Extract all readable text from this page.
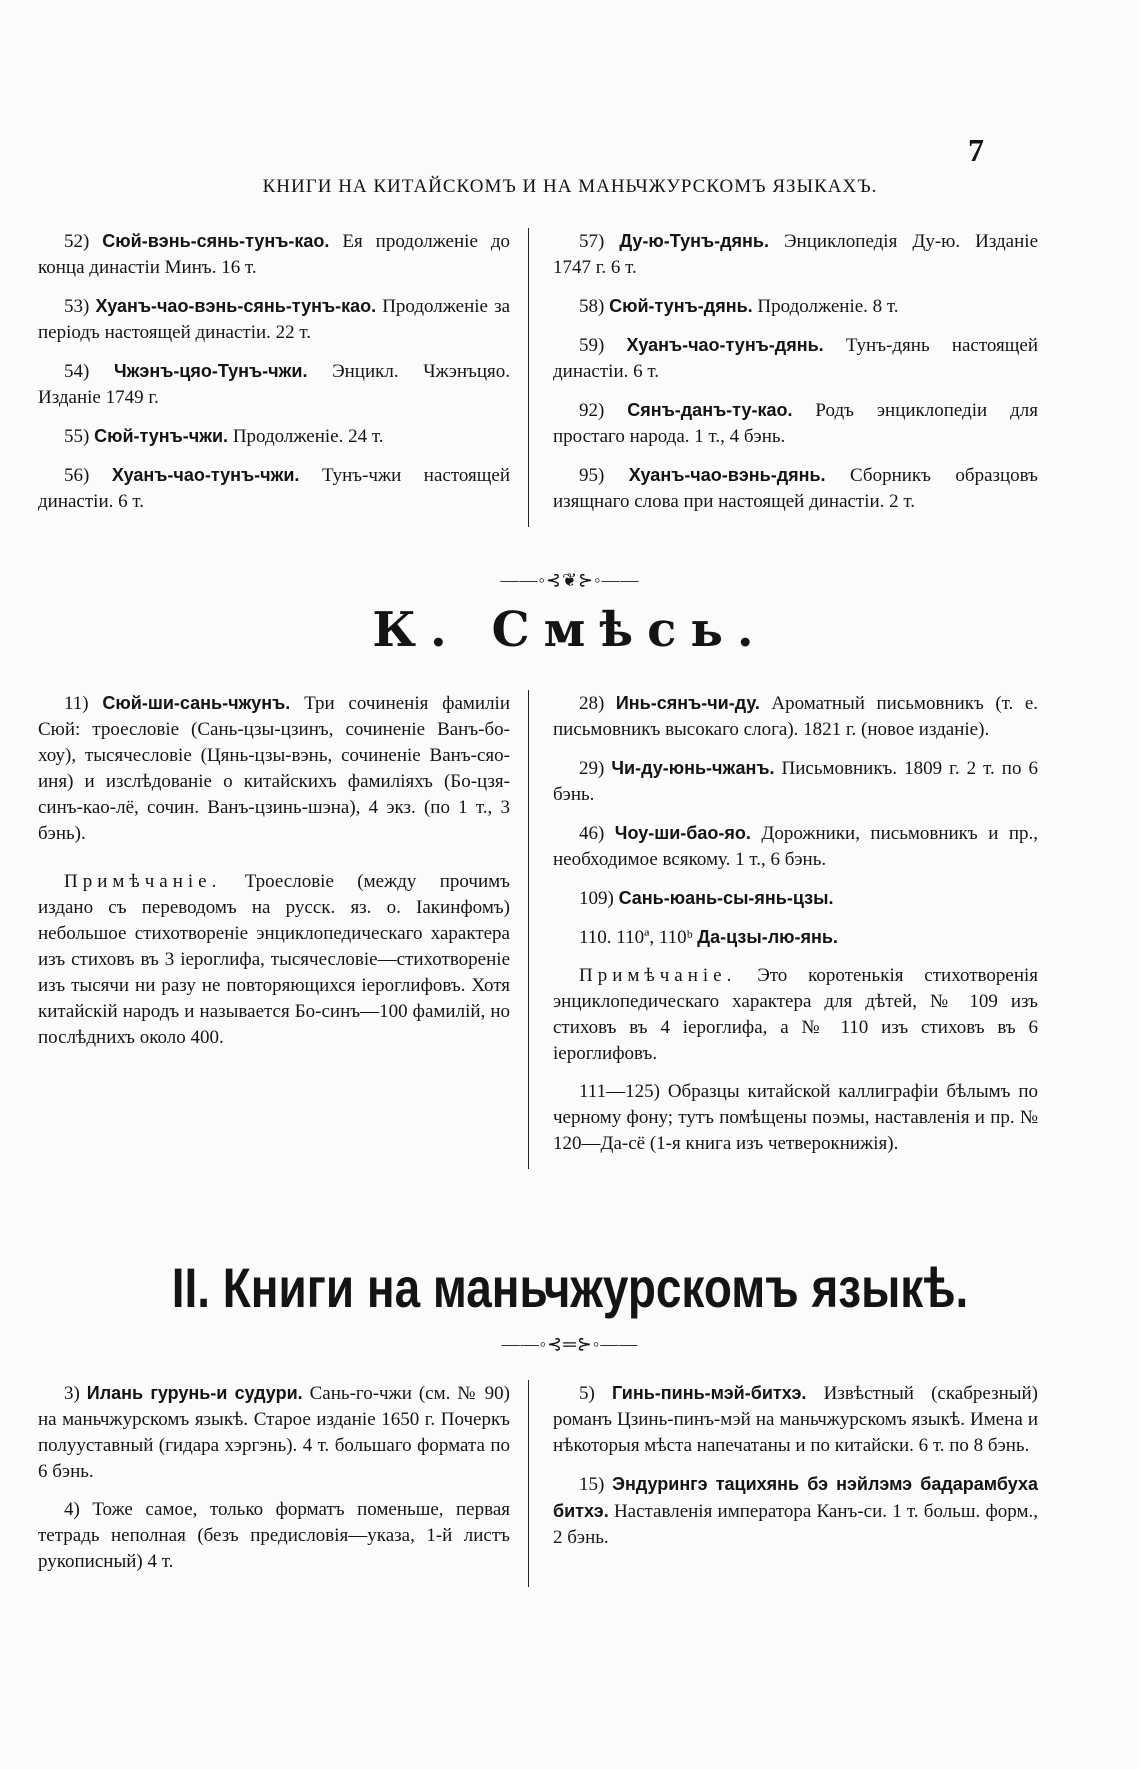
7
КНИГИ НА КИТАЙСКОМЪ И НА МАНЬЧЖУРСКОМЪ ЯЗЫКАХЪ.

52) Сюй-вэнь-сянь-тунъ-као. Ея продолженіе до конца династіи Минъ. 16 т.

53) Хуанъ-чао-вэнь-сянь-тунъ-као. Продолженіе за періодъ настоящей династіи. 22 т.

54) Чжэнъ-цяо-Тунъ-чжи. Энцикл. Чжэнъцяо. Изданіе 1749 г.

55) Сюй-тунъ-чжи. Продолженіе. 24 т.

56) Хуанъ-чао-тунъ-чжи. Тунъ-чжи настоящей династіи. 6 т.

57) Ду-ю-Тунъ-дянь. Энциклопедія Ду-ю. Изданіе 1747 г. 6 т.

58) Сюй-тунъ-дянь. Продолженіе. 8 т.

59) Хуанъ-чао-тунъ-дянь. Тунъ-дянь настоящей династіи. 6 т.

92) Сянъ-данъ-ту-као. Родъ энциклопедіи для простаго народа. 1 т., 4 бэнь.

95) Хуанъ-чао-вэнь-дянь. Сборникъ образцовъ изящнаго слова при настоящей династіи. 2 т.

——◦⊰❦⊱◦——
К. Смѣсь.

11) Сюй-ши-сань-чжунъ. Три сочиненія фамиліи Сюй: троесловіе (Сань-цзы-цзинъ, сочиненіе Ванъ-бо-хоу), тысячесловіе (Цянь-цзы-вэнь, сочиненіе Ванъ-сяо-иня) и изслѣдованіе о китайскихъ фамиліяхъ (Бо-цзя-синъ-као-лё, сочин. Ванъ-цзинь-шэна), 4 экз. (по 1 т., 3 бэнь).

Примѣчаніе. Троесловіе (между прочимъ издано съ переводомъ на русск. яз. о. Іакинфомъ) небольшое стихотвореніе энциклопедическаго характера изъ стиховъ въ 3 іероглифа, тысячесловіе—стихотвореніе изъ тысячи ни разу не повторяющихся іероглифовъ. Хотя китайскій народъ и называется Бо-синъ—100 фамилій, но послѣднихъ около 400.

28) Инь-сянъ-чи-ду. Ароматный письмовникъ (т. е. письмовникъ высокаго слога). 1821 г. (новое изданіе).

29) Чи-ду-юнь-чжанъ. Письмовникъ. 1809 г. 2 т. по 6 бэнь.

46) Чоу-ши-бао-яо. Дорожники, письмовникъ и пр., необходимое всякому. 1 т., 6 бэнь.

109) Сань-юань-сы-янь-цзы.

110. 110ª, 110ᵇ Да-цзы-лю-янь.

Примѣчаніе. Это коротенькія стихотворенія энциклопедическаго характера для дѣтей, № 109 изъ стиховъ въ 4 іероглифа, а № 110 изъ стиховъ въ 6 іероглифовъ.

111—125) Образцы китайской каллиграфіи бѣлымъ по черному фону; тутъ помѣщены поэмы, наставленія и пр. № 120—Да-сё (1-я книга изъ четверокнижія).

II. Книги на маньчжурскомъ языкѣ.
——◦⊰═⊱◦——

3) Илань гурунь-и судури. Сань-го-чжи (см. № 90) на маньчжурскомъ языкѣ. Старое изданіе 1650 г. Почеркъ полууставный (гидара хэргэнь). 4 т. большаго формата по 6 бэнь.

4) Тоже самое, только форматъ поменьше, первая тетрадь неполная (безъ предисловія—указа, 1-й листъ рукописный) 4 т.

5) Гинь-пинь-мэй-битхэ. Извѣстный (скабрезный) романъ Цзинь-пинъ-мэй на маньчжурскомъ языкѣ. Имена и нѣкоторыя мѣста напечатаны и по китайски. 6 т. по 8 бэнь.

15) Эндурингэ тацихянь бэ нэйлэмэ бадарамбуха битхэ. Наставленія императора Канъ-си. 1 т. больш. форм., 2 бэнь.
